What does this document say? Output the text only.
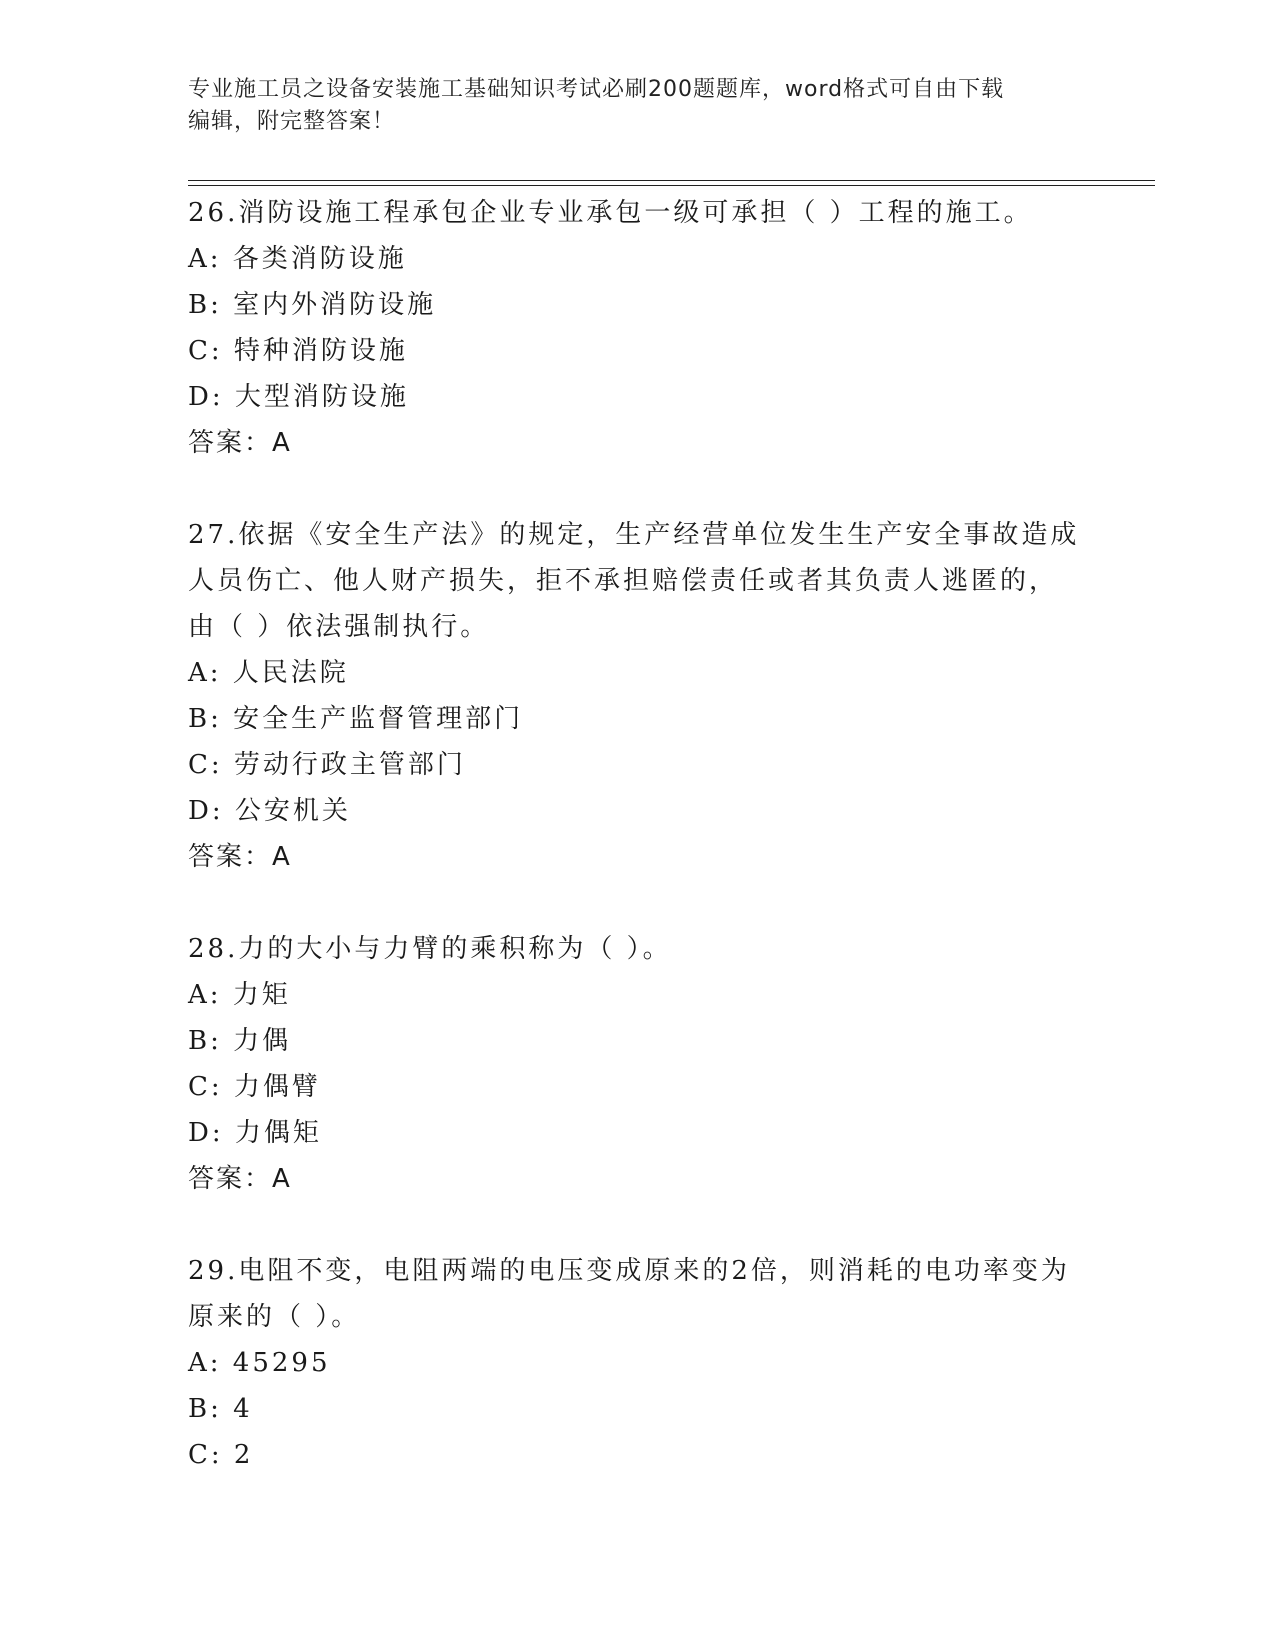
专业施工员之设备安装施工基础知识考试必刷200题题库，word格式可自由下载
编辑，附完整答案！
26.消防设施工程承包企业专业承包一级可承担（ ）工程的施工。
A: 各类消防设施
B: 室内外消防设施
C: 特种消防设施
D: 大型消防设施
答案：A
27.依据《安全生产法》的规定，生产经营单位发生生产安全事故造成
人员伤亡、他人财产损失，拒不承担赔偿责任或者其负责人逃匿的，
由（ ）依法强制执行。
A: 人民法院
B: 安全生产监督管理部门
C: 劳动行政主管部门
D: 公安机关
答案：A
28.力的大小与力臂的乘积称为（ ）。
A: 力矩
B: 力偶
C: 力偶臂
D: 力偶矩
答案：A
29.电阻不变，电阻两端的电压变成原来的2倍，则消耗的电功率变为
原来的（ ）。
A: 45295
B: 4
C: 2
